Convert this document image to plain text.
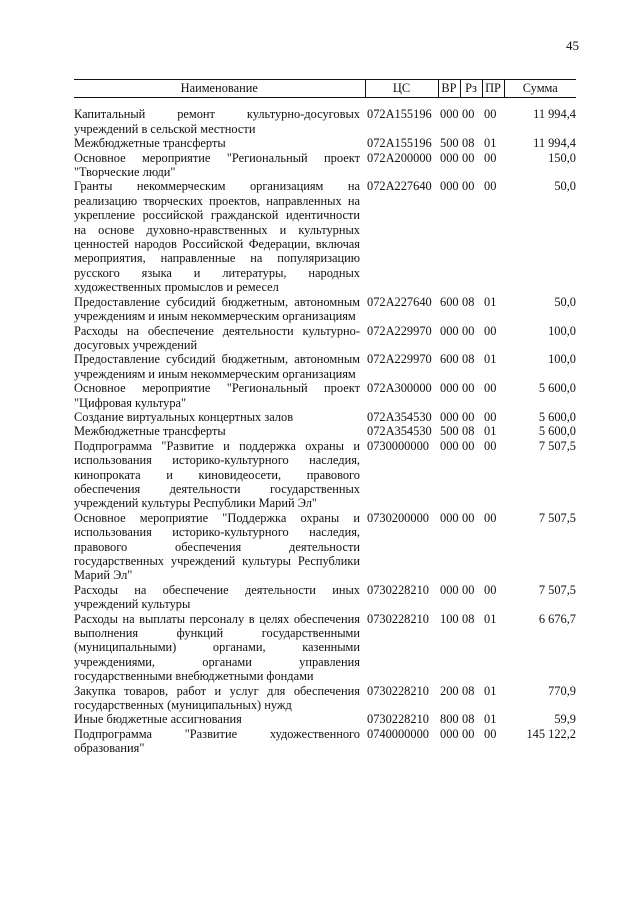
45
Наименование	ЦС	ВР	Рз	ПР	Сумма
Капитальный ремонт культурно-досуговых учреждений в сельской местности	072А155196	000	00	00	11 994,4
Межбюджетные трансферты	072А155196	500	08	01	11 994,4
Основное мероприятие "Региональный проект "Творческие люди"	072А200000	000	00	00	150,0
Гранты некоммерческим организациям на реализацию творческих проектов, направленных на укрепление российской гражданской идентичности на основе духовно-нравственных и культурных ценностей народов Российской Федерации, включая мероприятия, направленные на популяризацию русского языка и литературы, народных художественных промыслов и ремесел	072А227640	000	00	00	50,0
Предоставление субсидий бюджетным, автономным учреждениям и иным некоммерческим организациям	072А227640	600	08	01	50,0
Расходы на обеспечение деятельности культурно-досуговых учреждений	072А229970	000	00	00	100,0
Предоставление субсидий бюджетным, автономным учреждениям и иным некоммерческим организациям	072А229970	600	08	01	100,0
Основное мероприятие "Региональный проект "Цифровая культура"	072А300000	000	00	00	5 600,0
Создание виртуальных концертных залов	072А354530	000	00	00	5 600,0
Межбюджетные трансферты	072А354530	500	08	01	5 600,0
Подпрограмма "Развитие и поддержка охраны и использования историко-культурного наследия, кинопроката и киновидеосети, правового обеспечения деятельности государственных учреждений культуры Республики Марий Эл"	0730000000	000	00	00	7 507,5
Основное мероприятие "Поддержка охраны и использования историко-культурного наследия, правового обеспечения деятельности государственных учреждений культуры Республики Марий Эл"	0730200000	000	00	00	7 507,5
Расходы на обеспечение деятельности иных учреждений культуры	0730228210	000	00	00	7 507,5
Расходы на выплаты персоналу в целях обеспечения выполнения функций государственными (муниципальными) органами, казенными учреждениями, органами управления государственными внебюджетными фондами	0730228210	100	08	01	6 676,7
Закупка товаров, работ и услуг для обеспечения государственных (муниципальных) нужд	0730228210	200	08	01	770,9
Иные бюджетные ассигнования	0730228210	800	08	01	59,9
Подпрограмма "Развитие художественного образования"	0740000000	000	00	00	145 122,2
